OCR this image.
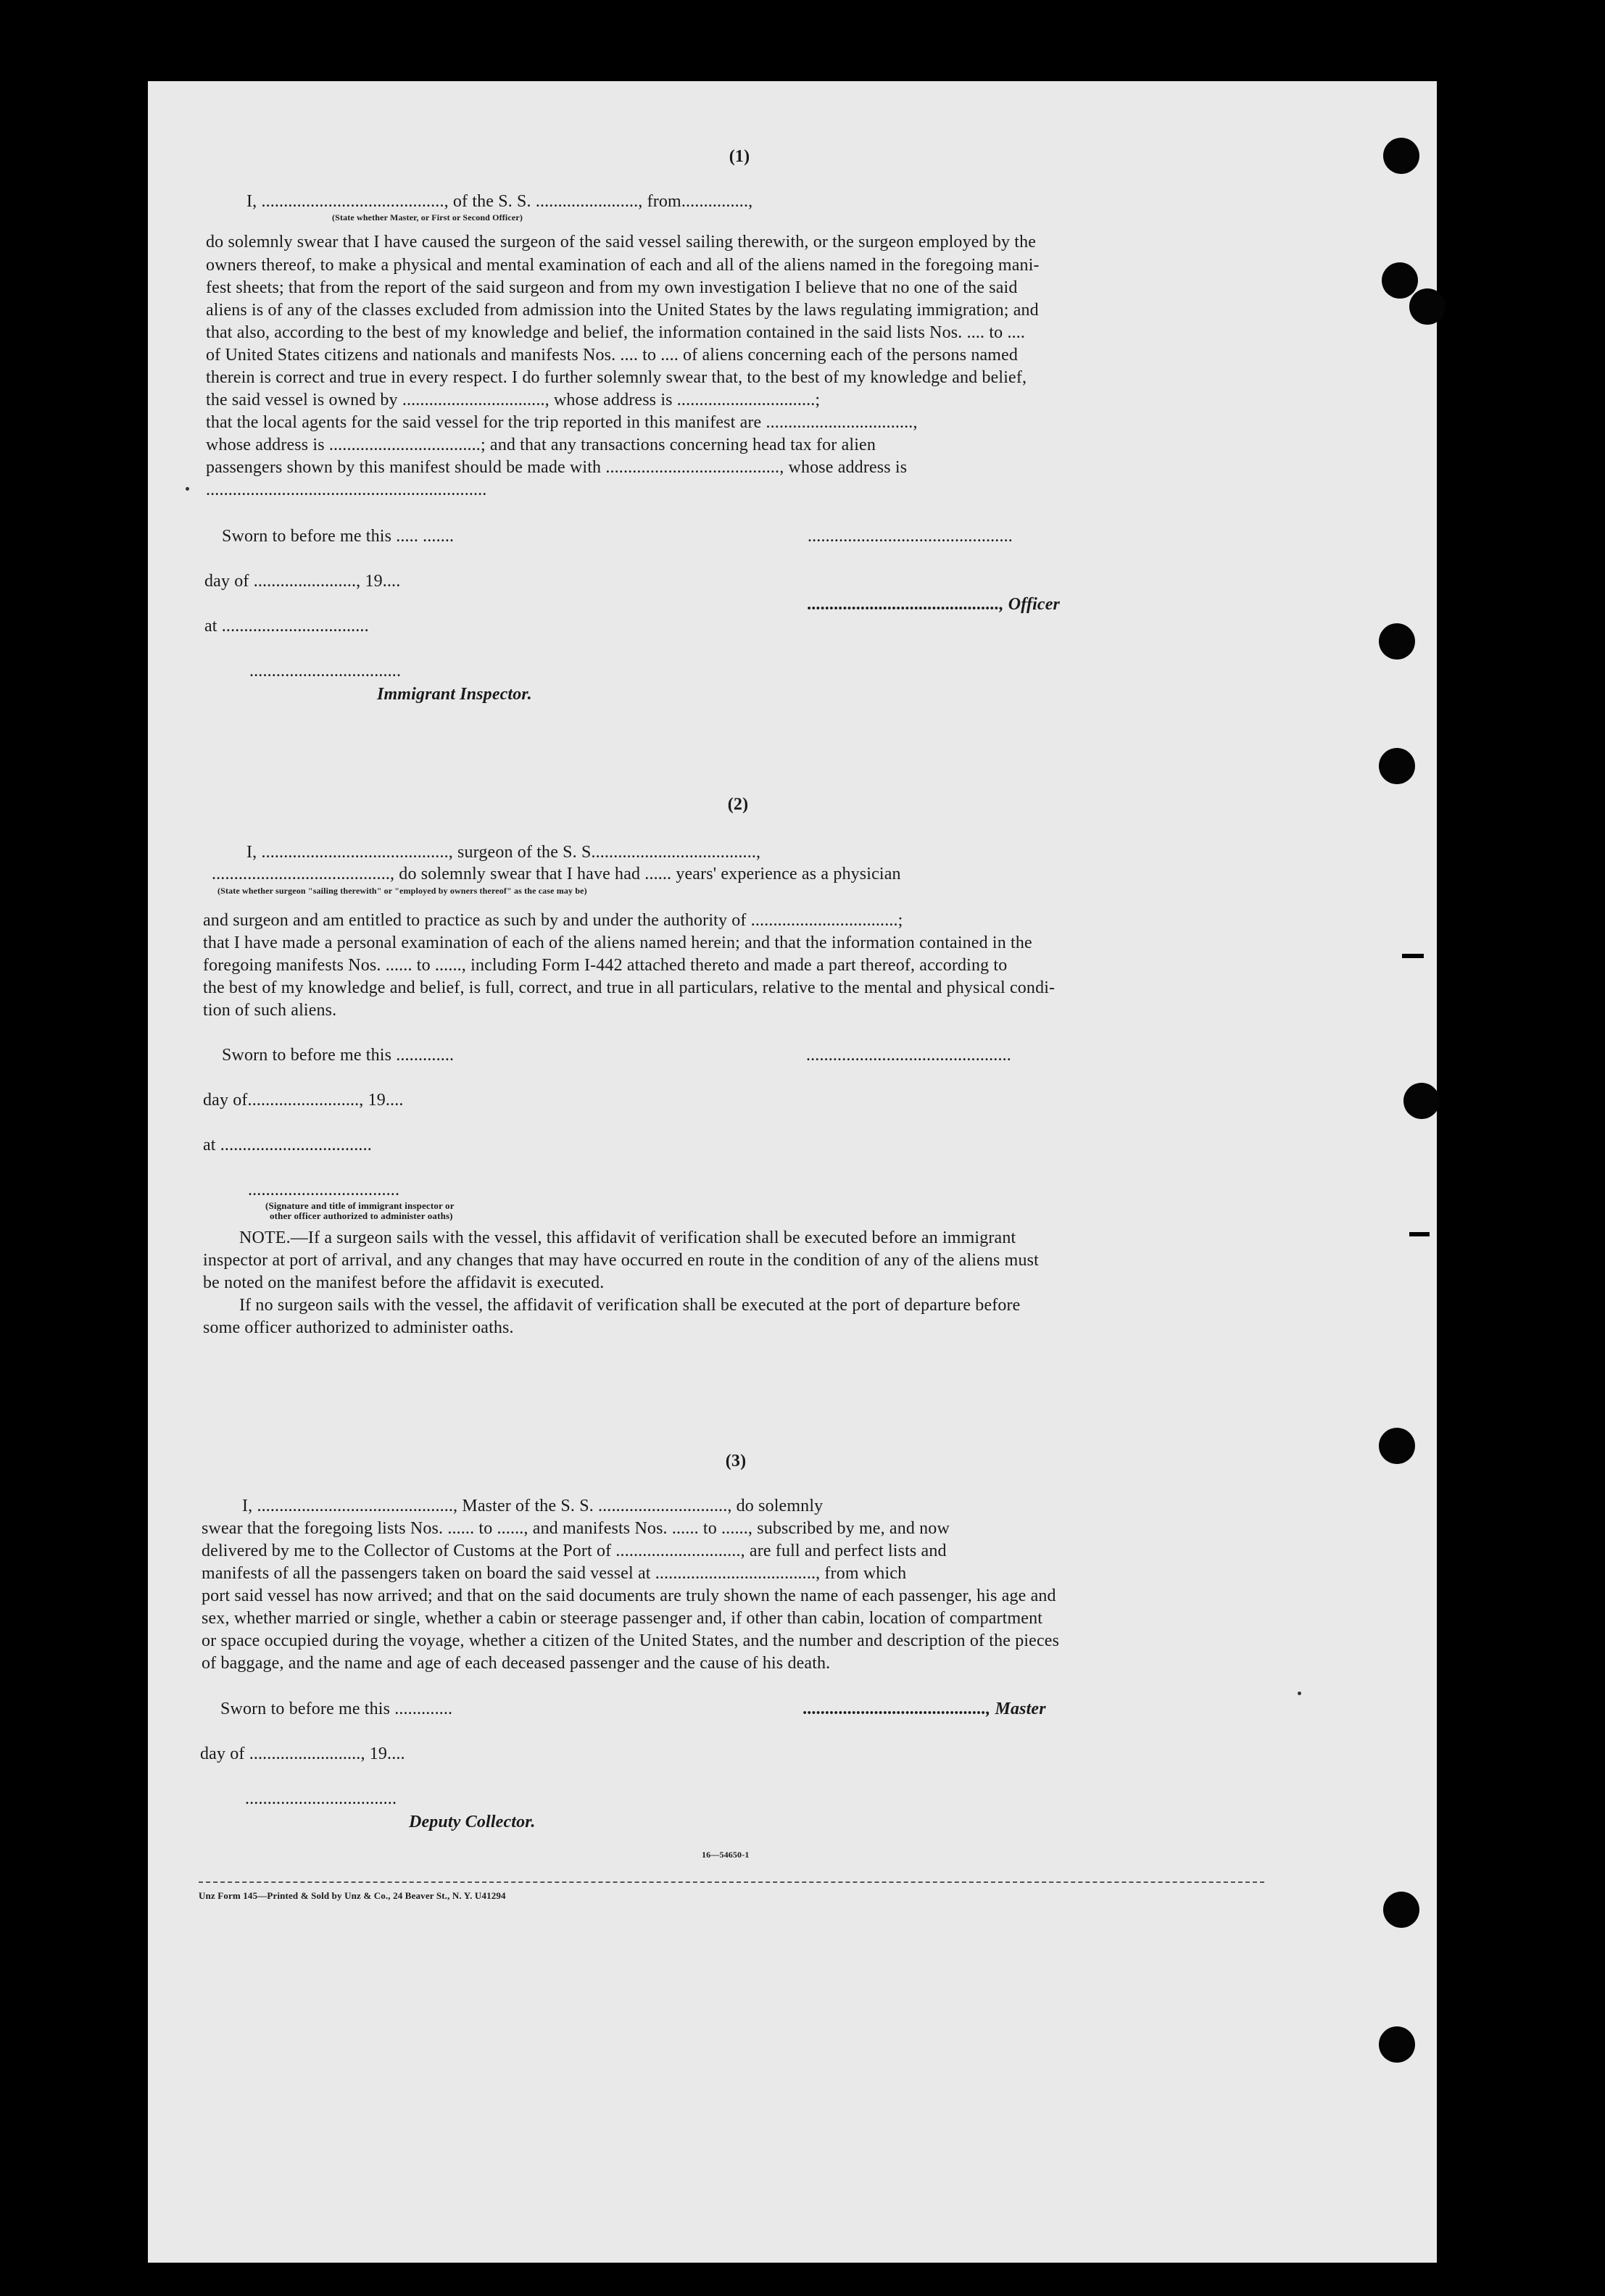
(1)
I, ........................................., of the S. S. ......................., from...............,
(State whether Master, or First or Second Officer)
do solemnly swear that I have caused the surgeon of the said vessel sailing therewith, or the surgeon employed by the
owners thereof, to make a physical and mental examination of each and all of the aliens named in the foregoing mani-
fest sheets; that from the report of the said surgeon and from my own investigation I believe that no one of the said
aliens is of any of the classes excluded from admission into the United States by the laws regulating immigration; and
that also, according to the best of my knowledge and belief, the information contained in the said lists Nos. .... to ....
of United States citizens and nationals and manifests Nos. .... to .... of aliens concerning each of the persons named
therein is correct and true in every respect. I do further solemnly swear that, to the best of my knowledge and belief,
the said vessel is owned by ................................, whose address is ...............................;
that the local agents for the said vessel for the trip reported in this manifest are .................................,
whose address is ..................................; and that any transactions concerning head tax for alien
passengers shown by this manifest should be made with ......................................., whose address is
...............................................................
Sworn to before me this ..... .......
day of ......................., 19....
at .................................
..................................
Immigrant Inspector.
..............................................
..........................................., Officer
(2)
I, .........................................., surgeon of the S. S.....................................,
........................................, do solemnly swear that I have had ...... years' experience as a physician
(State whether surgeon "sailing therewith" or "employed by owners thereof" as the case may be)
and surgeon and am entitled to practice as such by and under the authority of .................................;
that I have made a personal examination of each of the aliens named herein; and that the information contained in the
foregoing manifests Nos. ...... to ......, including Form I-442 attached thereto and made a part thereof, according to
the best of my knowledge and belief, is full, correct, and true in all particulars, relative to the mental and physical condi-
tion of such aliens.
Sworn to before me this .............
day of........................., 19....
at ..................................
..................................
(Signature and title of immigrant inspector or
other officer authorized to administer oaths)
..............................................
NOTE.—If a surgeon sails with the vessel, this affidavit of verification shall be executed before an immigrant
inspector at port of arrival, and any changes that may have occurred en route in the condition of any of the aliens must
be noted on the manifest before the affidavit is executed.
If no surgeon sails with the vessel, the affidavit of verification shall be executed at the port of departure before
some officer authorized to administer oaths.
(3)
I, ............................................, Master of the S. S. ............................., do solemnly
swear that the foregoing lists Nos. ...... to ......, and manifests Nos. ...... to ......, subscribed by me, and now
delivered by me to the Collector of Customs at the Port of ............................, are full and perfect lists and
manifests of all the passengers taken on board the said vessel at ...................................., from which
port said vessel has now arrived; and that on the said documents are truly shown the name of each passenger, his age and
sex, whether married or single, whether a cabin or steerage passenger and, if other than cabin, location of compartment
or space occupied during the voyage, whether a citizen of the United States, and the number and description of the pieces
of baggage, and the name and age of each deceased passenger and the cause of his death.
Sworn to before me this .............
day of ........................., 19....
..................................
Deputy Collector.
........................................., Master
16—54650-1
Unz Form 145—Printed & Sold by Unz & Co., 24 Beaver St., N. Y. U41294
